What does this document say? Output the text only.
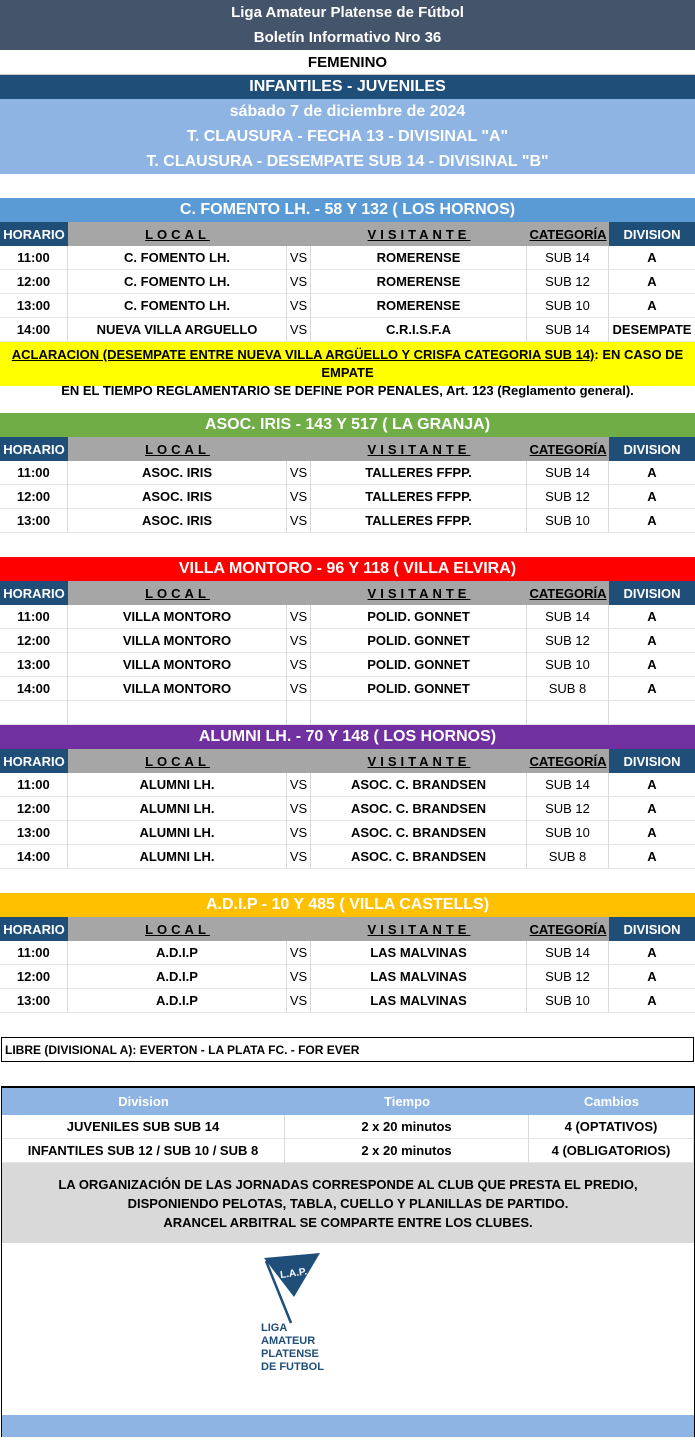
Liga Amateur Platense de Fútbol
Boletín Informativo Nro 36
FEMENINO
INFANTILES - JUVENILES
sábado 7 de diciembre de 2024
T. CLAUSURA - FECHA 13 - DIVISINAL "A"
T. CLAUSURA - DESEMPATE SUB 14 - DIVISINAL "B"
C. FOMENTO LH. - 58 Y 132 ( LOS HORNOS)
HORARIO	LOCAL	VISITANTE	CATEGORÍA	DIVISION
11:00	C. FOMENTO LH.	VS	ROMERENSE	SUB 14	A
12:00	C. FOMENTO LH.	VS	ROMERENSE	SUB 12	A
13:00	C. FOMENTO LH.	VS	ROMERENSE	SUB 10	A
14:00	NUEVA VILLA ARGUELLO	VS	C.R.I.S.F.A	SUB 14	DESEMPATE
ACLARACION (DESEMPATE ENTRE NUEVA VILLA ARGÜELLO Y CRISFA CATEGORIA SUB 14): EN CASO DE EMPATE
EN EL TIEMPO REGLAMENTARIO SE DEFINE POR PENALES, Art. 123 (Reglamento general).
ASOC. IRIS - 143 Y 517 ( LA GRANJA)
HORARIO	LOCAL	VISITANTE	CATEGORÍA	DIVISION
11:00	ASOC. IRIS	VS	TALLERES FFPP.	SUB 14	A
12:00	ASOC. IRIS	VS	TALLERES FFPP.	SUB 12	A
13:00	ASOC. IRIS	VS	TALLERES FFPP.	SUB 10	A
VILLA MONTORO - 96 Y 118 ( VILLA ELVIRA)
HORARIO	LOCAL	VISITANTE	CATEGORÍA	DIVISION
11:00	VILLA MONTORO	VS	POLID. GONNET	SUB 14	A
12:00	VILLA MONTORO	VS	POLID. GONNET	SUB 12	A
13:00	VILLA MONTORO	VS	POLID. GONNET	SUB 10	A
14:00	VILLA MONTORO	VS	POLID. GONNET	SUB 8	A
ALUMNI LH. - 70 Y 148 ( LOS HORNOS)
HORARIO	LOCAL	VISITANTE	CATEGORÍA	DIVISION
11:00	ALUMNI LH.	VS	ASOC. C. BRANDSEN	SUB 14	A
12:00	ALUMNI LH.	VS	ASOC. C. BRANDSEN	SUB 12	A
13:00	ALUMNI LH.	VS	ASOC. C. BRANDSEN	SUB 10	A
14:00	ALUMNI LH.	VS	ASOC. C. BRANDSEN	SUB 8	A
A.D.I.P - 10 Y 485 ( VILLA CASTELLS)
HORARIO	LOCAL	VISITANTE	CATEGORÍA	DIVISION
11:00	A.D.I.P	VS	LAS MALVINAS	SUB 14	A
12:00	A.D.I.P	VS	LAS MALVINAS	SUB 12	A
13:00	A.D.I.P	VS	LAS MALVINAS	SUB 10	A
LIBRE (DIVISIONAL A): EVERTON - LA PLATA FC. - FOR EVER
Division	Tiempo	Cambios
JUVENILES SUB SUB 14	2 x 20 minutos	4 (OPTATIVOS)
INFANTILES SUB 12 / SUB 10 / SUB 8	2 x 20 minutos	4 (OBLIGATORIOS)
LA ORGANIZACIÓN DE LAS JORNADAS CORRESPONDE AL CLUB QUE PRESTA EL PREDIO,
DISPONIENDO PELOTAS, TABLA, CUELLO Y PLANILLAS DE PARTIDO.
ARANCEL ARBITRAL SE COMPARTE ENTRE LOS CLUBES.
L.A.P.
LIGA
AMATEUR
PLATENSE
DE FUTBOL
